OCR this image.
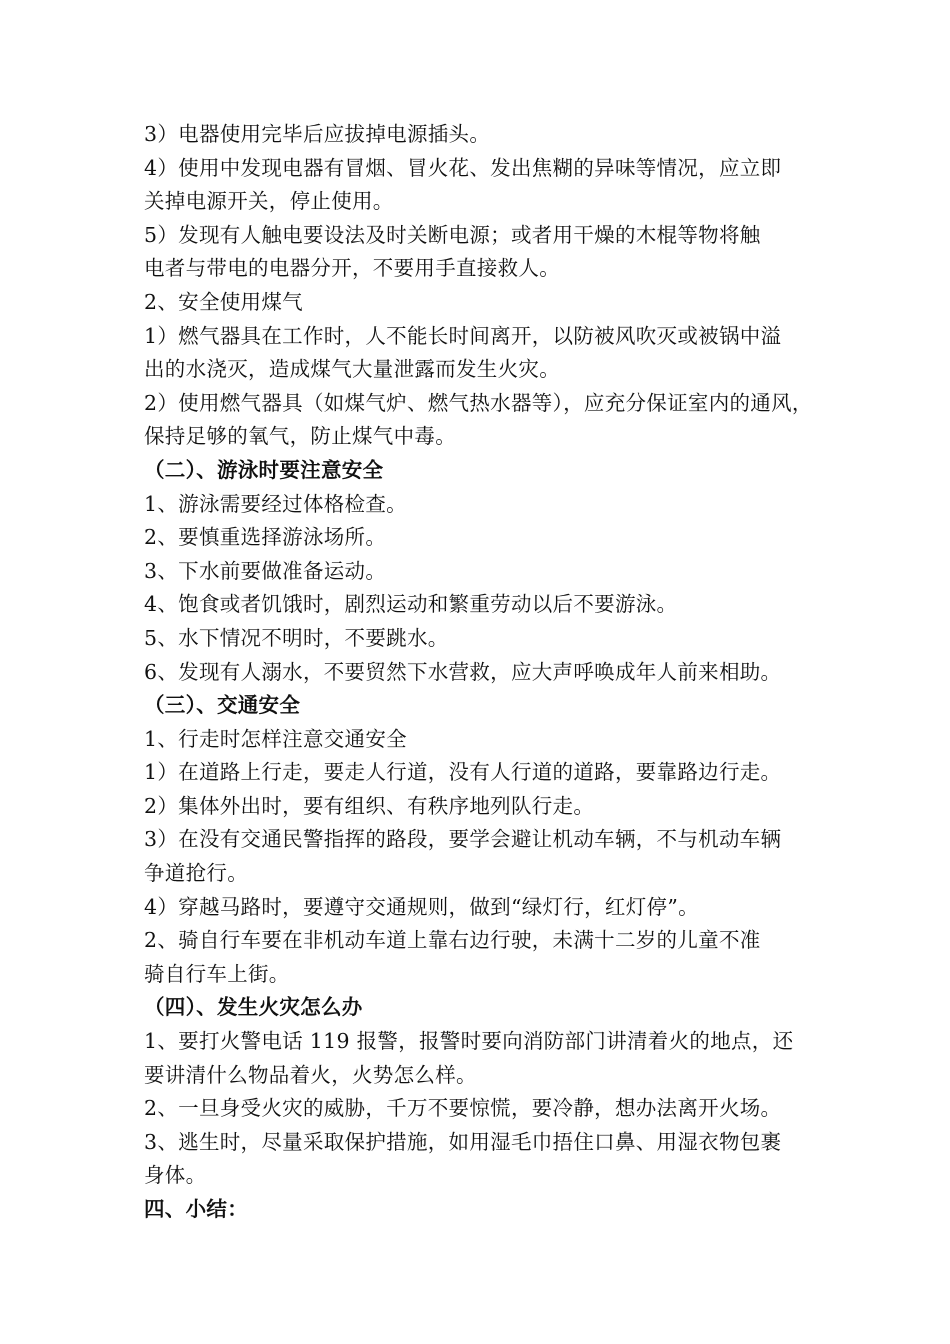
3）电器使用完毕后应拔掉电源插头。
4）使用中发现电器有冒烟、冒火花、发出焦糊的异味等情况，应立即
关掉电源开关，停止使用。
5）发现有人触电要设法及时关断电源；或者用干燥的木棍等物将触
电者与带电的电器分开，不要用手直接救人。
2、安全使用煤气
1）燃气器具在工作时，人不能长时间离开，以防被风吹灭或被锅中溢
出的水浇灭，造成煤气大量泄露而发生火灾。
2）使用燃气器具（如煤气炉、燃气热水器等），应充分保证室内的通风，
保持足够的氧气，防止煤气中毒。
（二）、游泳时要注意安全
1、游泳需要经过体格检查。
2、要慎重选择游泳场所。
3、下水前要做准备运动。
4、饱食或者饥饿时，剧烈运动和繁重劳动以后不要游泳。
5、水下情况不明时，不要跳水。
6、发现有人溺水，不要贸然下水营救，应大声呼唤成年人前来相助。
（三）、交通安全
1、行走时怎样注意交通安全
1）在道路上行走，要走人行道，没有人行道的道路，要靠路边行走。
2）集体外出时，要有组织、有秩序地列队行走。
3）在没有交通民警指挥的路段，要学会避让机动车辆，不与机动车辆
争道抢行。
4）穿越马路时，要遵守交通规则，做到“绿灯行，红灯停”。
2、骑自行车要在非机动车道上靠右边行驶，未满十二岁的儿童不准
骑自行车上街。
（四）、发生火灾怎么办
1、要打火警电话 119 报警，报警时要向消防部门讲清着火的地点，还
要讲清什么物品着火，火势怎么样。
2、一旦身受火灾的威胁，千万不要惊慌，要冷静，想办法离开火场。
3、逃生时，尽量采取保护措施，如用湿毛巾捂住口鼻、用湿衣物包裹
身体。
四、小结：
